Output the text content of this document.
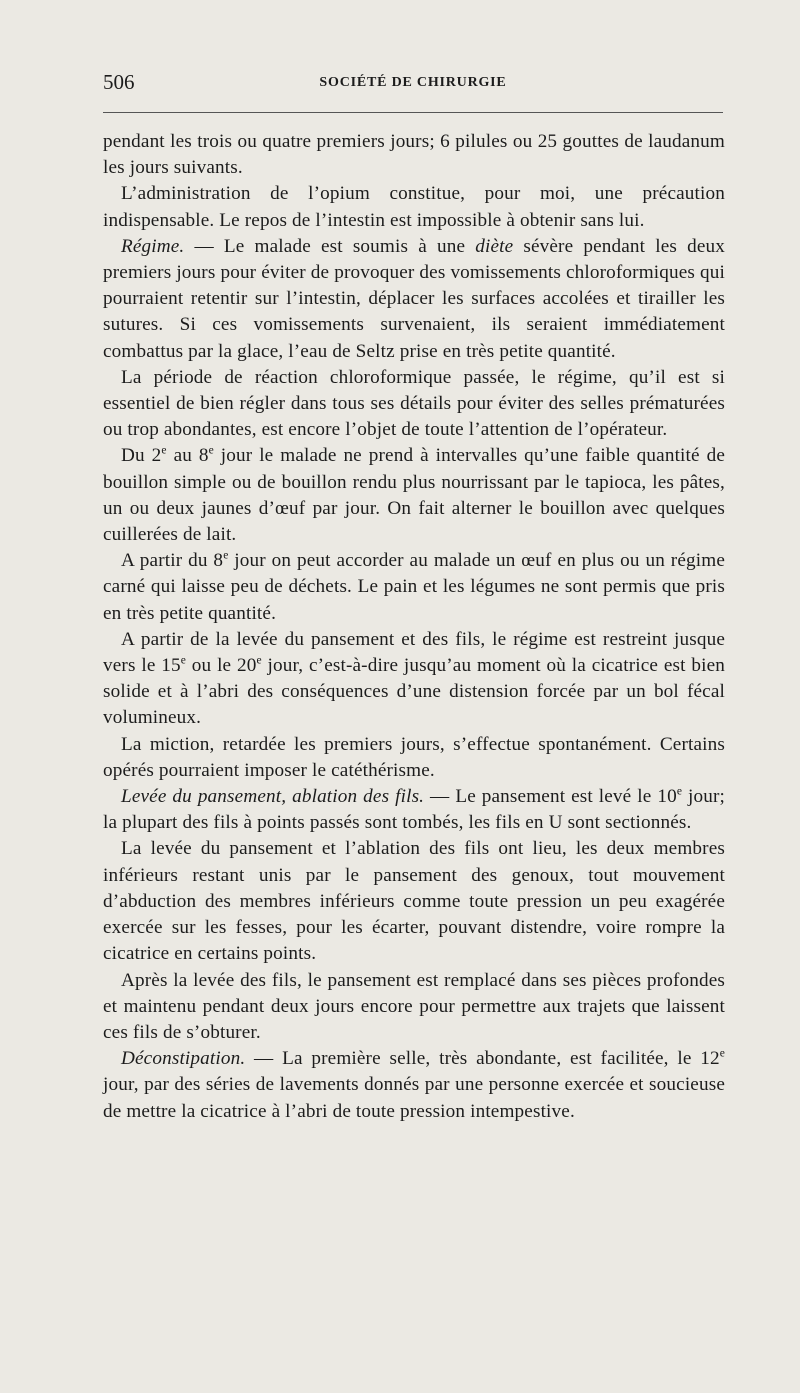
506	SOCIÉTÉ DE CHIRURGIE

pendant les trois ou quatre premiers jours; 6 pilules ou 25 gouttes de laudanum les jours suivants.

L’administration de l’opium constitue, pour moi, une précaution indispensable. Le repos de l’intestin est impossible à obtenir sans lui.

Régime. — Le malade est soumis à une diète sévère pendant les deux premiers jours pour éviter de provoquer des vomissements chloroformiques qui pourraient retentir sur l’intestin, déplacer les surfaces accolées et tirailler les sutures. Si ces vomissements survenaient, ils seraient immédiatement combattus par la glace, l’eau de Seltz prise en très petite quantité.

La période de réaction chloroformique passée, le régime, qu’il est si essentiel de bien régler dans tous ses détails pour éviter des selles prématurées ou trop abondantes, est encore l’objet de toute l’attention de l’opérateur.

Du 2e au 8e jour le malade ne prend à intervalles qu’une faible quantité de bouillon simple ou de bouillon rendu plus nourrissant par le tapioca, les pâtes, un ou deux jaunes d’œuf par jour. On fait alterner le bouillon avec quelques cuillerées de lait.

A partir du 8e jour on peut accorder au malade un œuf en plus ou un régime carné qui laisse peu de déchets. Le pain et les légumes ne sont permis que pris en très petite quantité.

A partir de la levée du pansement et des fils, le régime est restreint jusque vers le 15e ou le 20e jour, c’est-à-dire jusqu’au moment où la cicatrice est bien solide et à l’abri des conséquences d’une distension forcée par un bol fécal volumineux.

La miction, retardée les premiers jours, s’effectue spontanément. Certains opérés pourraient imposer le catéthérisme.

Levée du pansement, ablation des fils. — Le pansement est levé le 10e jour; la plupart des fils à points passés sont tombés, les fils en U sont sectionnés.

La levée du pansement et l’ablation des fils ont lieu, les deux membres inférieurs restant unis par le pansement des genoux, tout mouvement d’abduction des membres inférieurs comme toute pression un peu exagérée exercée sur les fesses, pour les écarter, pouvant distendre, voire rompre la cicatrice en certains points.

Après la levée des fils, le pansement est remplacé dans ses pièces profondes et maintenu pendant deux jours encore pour permettre aux trajets que laissent ces fils de s’obturer.

Déconstipation. — La première selle, très abondante, est facilitée, le 12e jour, par des séries de lavements donnés par une personne exercée et soucieuse de mettre la cicatrice à l’abri de toute pression intempestive.
